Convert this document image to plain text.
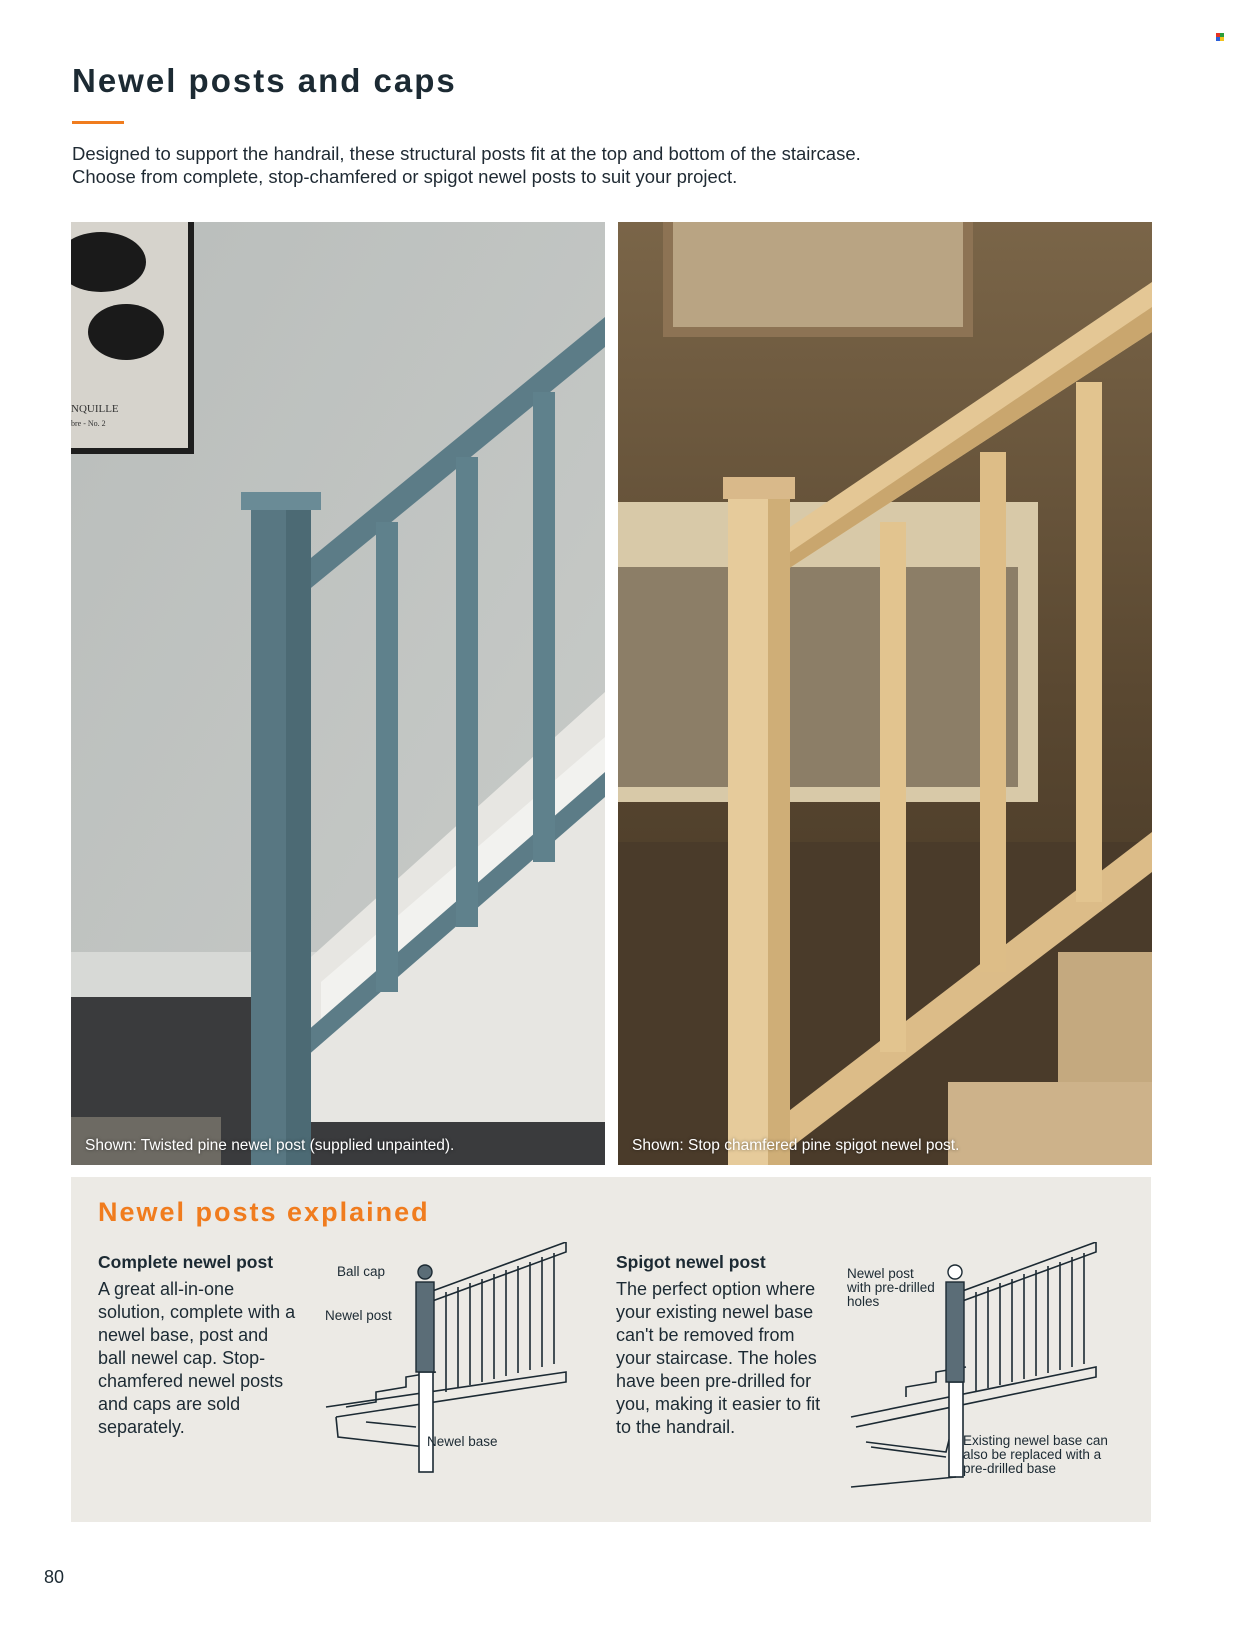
Newel posts and caps
Designed to support the handrail, these structural posts fit at the top and bottom of the staircase. Choose from complete, stop-chamfered or spigot newel posts to suit your project.
NQUILLE
bre - No. 2
Shown: Twisted pine newel post (supplied unpainted).	Shown: Stop chamfered pine spigot newel post.
Newel posts explained
Complete newel post
A great all-in-one solution, complete with a newel base, post and ball newel cap. Stop-chamfered newel posts and caps are sold separately.
Ball cap
Newel post
Newel base
Spigot newel post
The perfect option where your existing newel base can't be removed from your staircase. The holes have been pre-drilled for you, making it easier to fit to the handrail.
Newel post with pre-drilled holes
Existing newel base can also be replaced with a pre-drilled base
80
